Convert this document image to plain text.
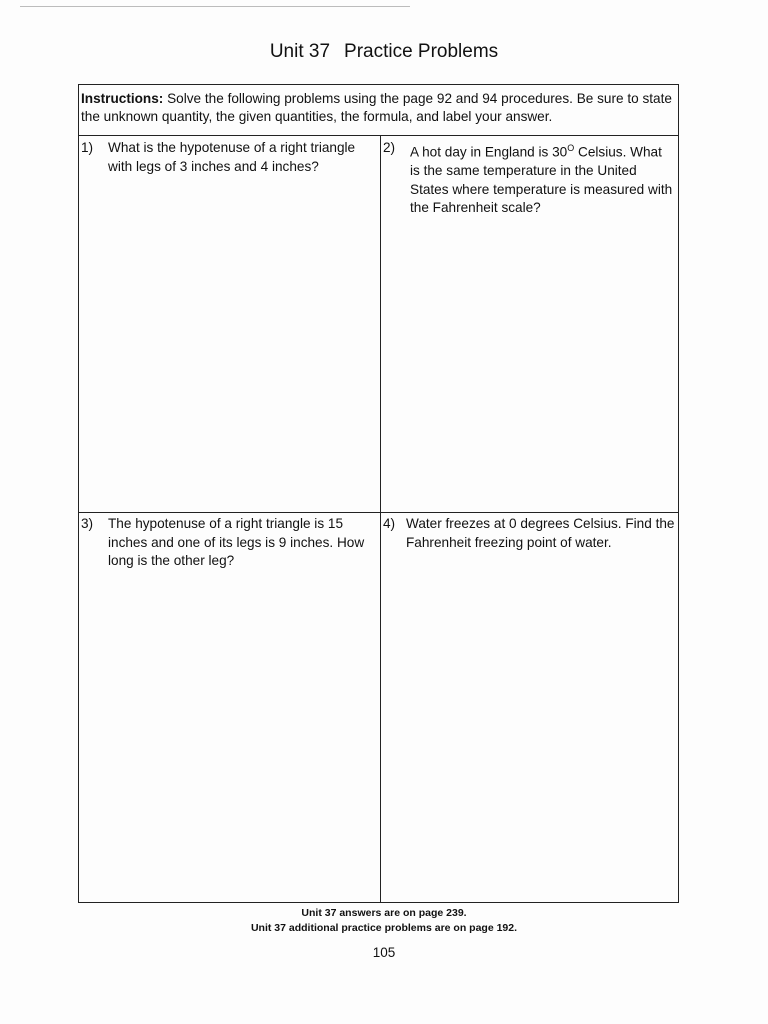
Unit 37 Practice Problems
Instructions: Solve the following problems using the page 92 and 94 procedures. Be sure to state the unknown quantity, the given quantities, the formula, and label your answer.
1)	What is the hypotenuse of a right triangle with legs of 3 inches and 4 inches?
2)	A hot day in England is $30^O$ Celsius. What is the same temperature in the United States where temperature is measured with the Fahrenheit scale?
3)	The hypotenuse of a right triangle is 15 inches and one of its legs is 9 inches. How long is the other leg?
4) Water freezes at 0 degrees Celsius. Find the Fahrenheit freezing point of water.
Unit 37 answers are on page 239.
Unit 37 additional practice problems are on page 192.
105
